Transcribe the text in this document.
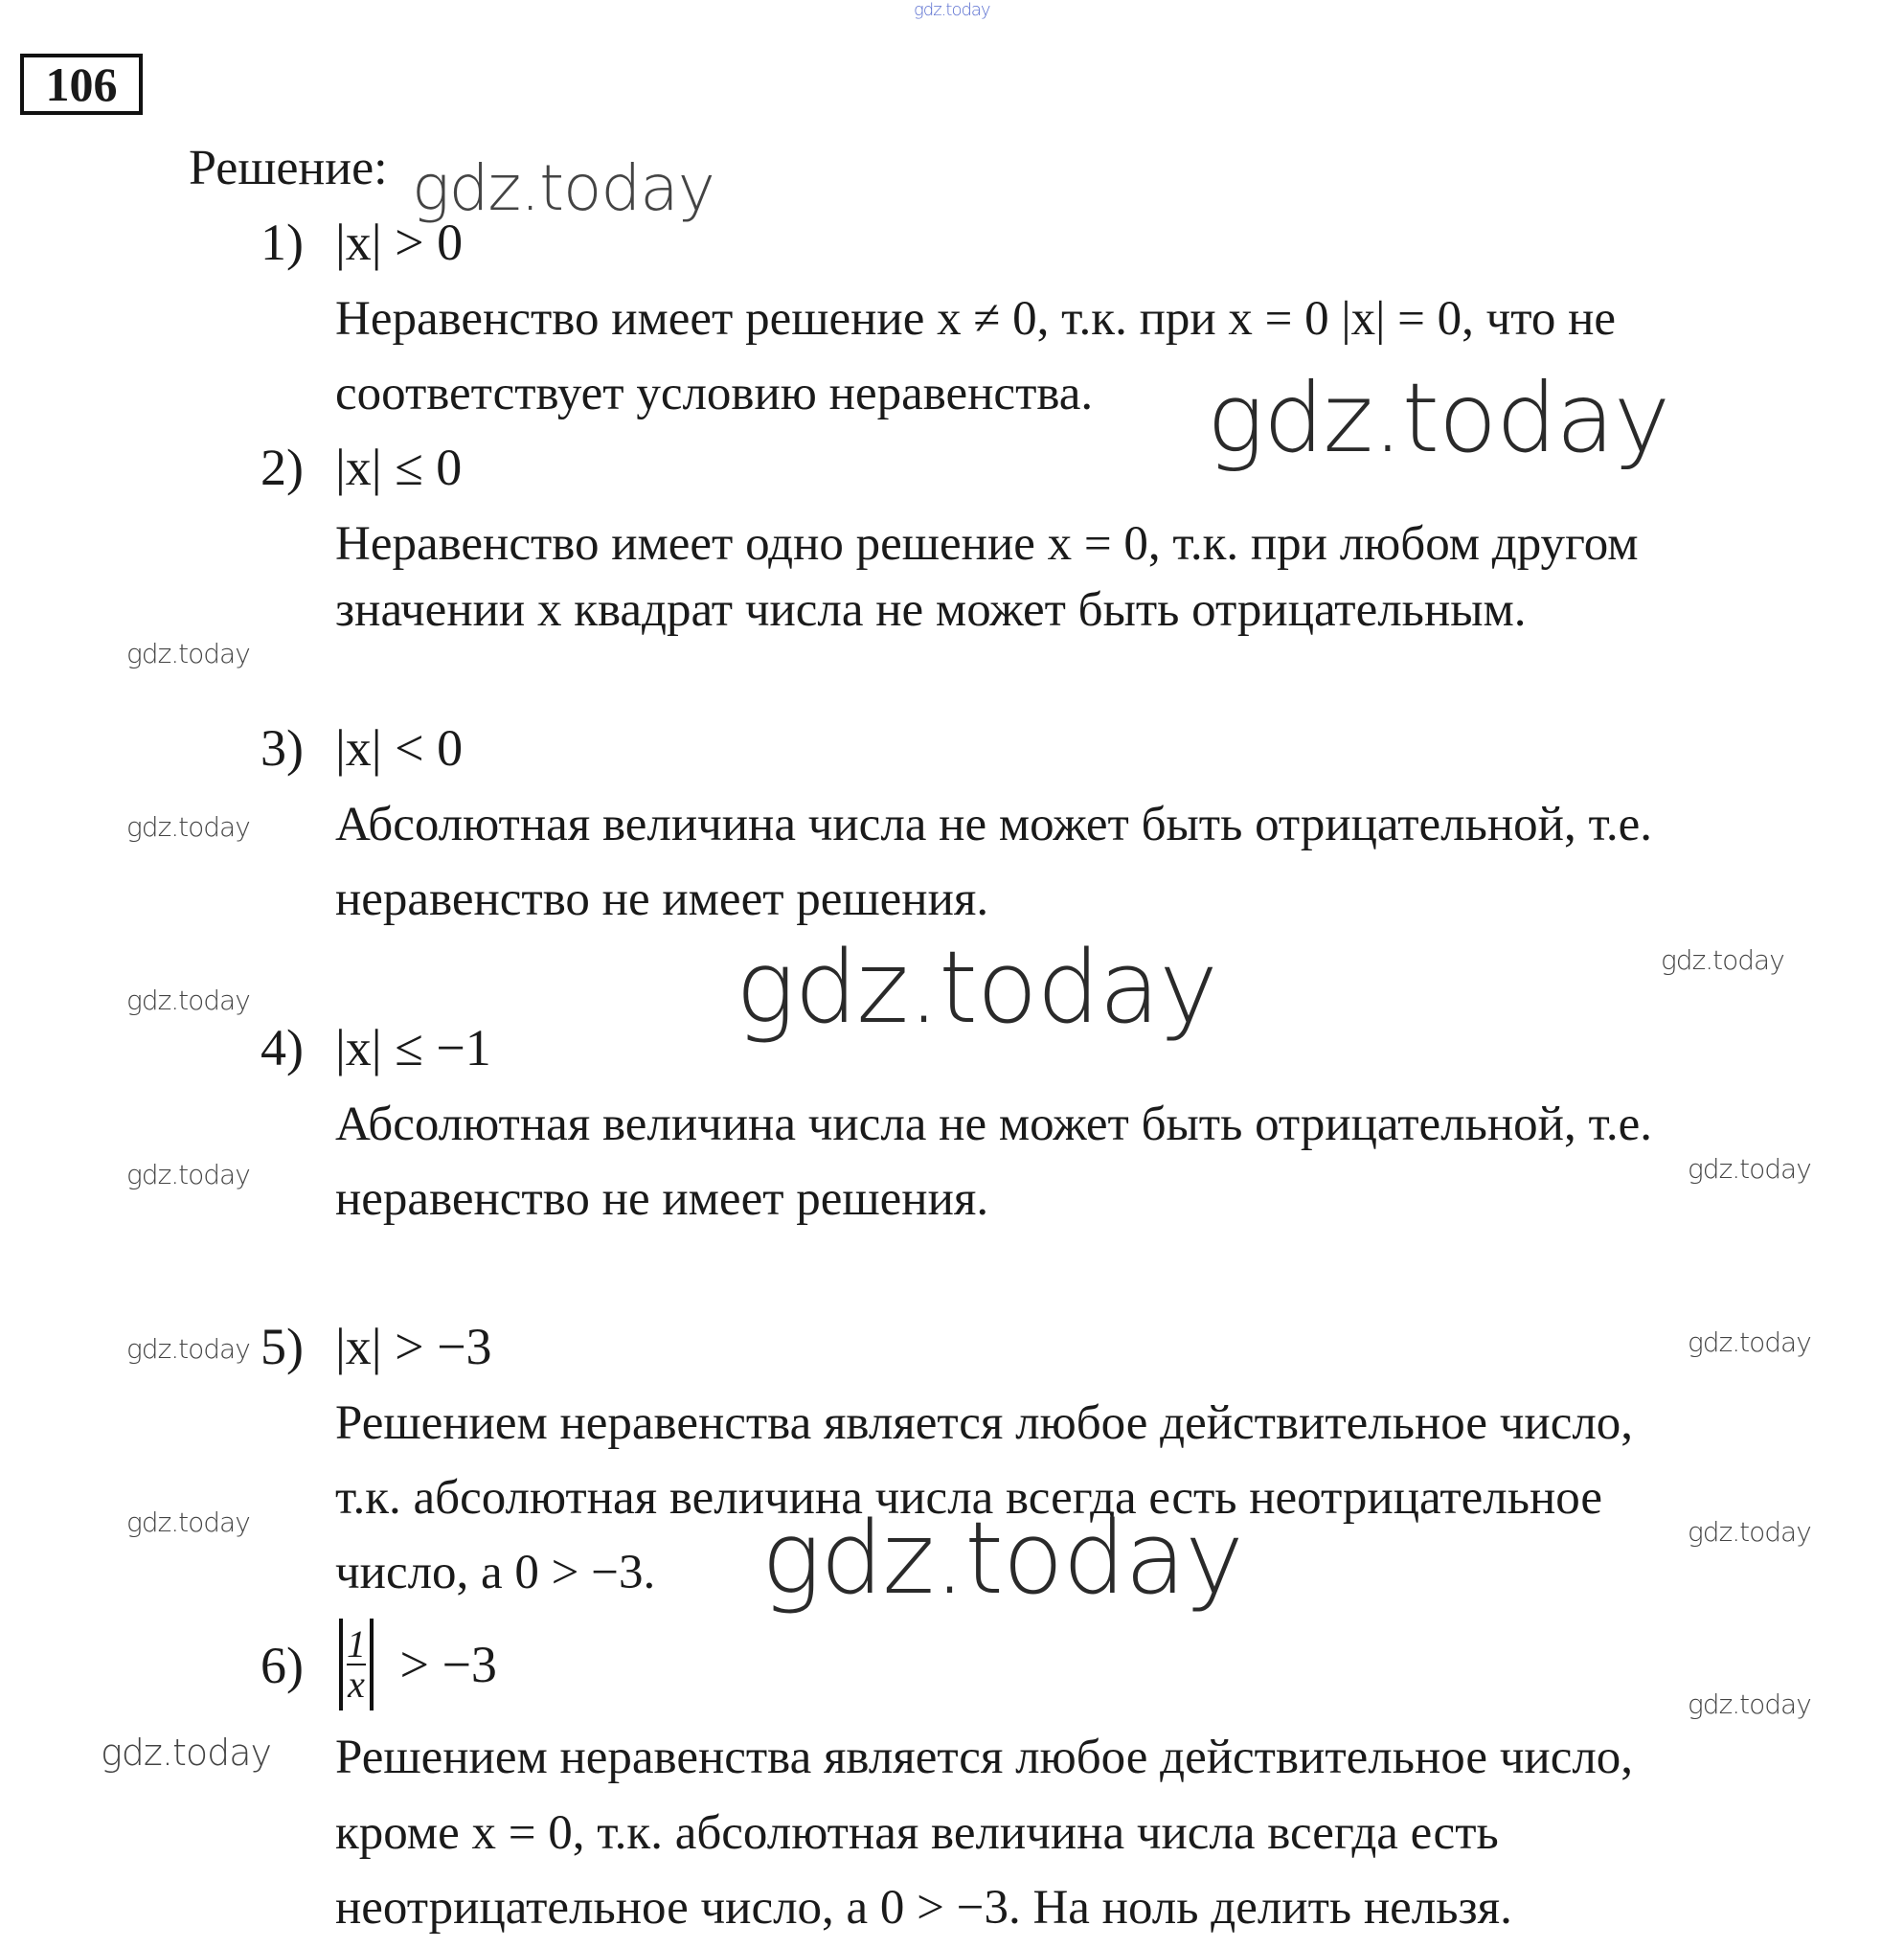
gdz.today
106
Решение: gdz.today
1) |x| > 0
Неравенство имеет решение x ≠ 0, т.к. при x = 0 |x| = 0, что не
соответствует условию неравенства. gdz.today
2) |x| ≤ 0
Неравенство имеет одно решение x = 0, т.к. при любом другом
значении x квадрат числа не может быть отрицательным.
gdz.today
3) |x| < 0
gdz.today Абсолютная величина числа не может быть отрицательной, т.е.
неравенство не имеет решения.
gdz.today
gdz.today	gdz.today
4) |x| ≤ −1
Абсолютная величина числа не может быть отрицательной, т.е.
gdz.today	gdz.today
неравенство не имеет решения.
gdz.today 5) |x| > −3	gdz.today
Решением неравенства является любое действительное число,
т.к. абсолютная величина числа всегда есть неотрицательное
gdz.today	gdz.today
число, а 0 > −3. gdz.today
$6) \frac{1}{x} > -3$
gdz.today
gdz.today Решением неравенства является любое действительное число,
кроме x = 0, т.к. абсолютная величина числа всегда есть
неотрицательное число, а 0 > −3. На ноль делить нельзя.
